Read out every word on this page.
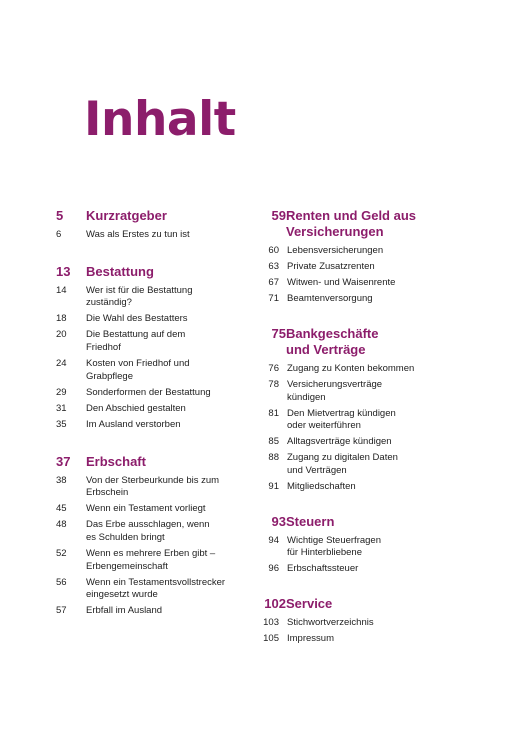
Inhalt
5	Kurzratgeber
6	Was als Erstes zu tun ist
13	Bestattung
14	Wer ist für die Bestattung
zuständig?
18	Die Wahl des Bestatters
20	Die Bestattung auf dem
Friedhof
24	Kosten von Friedhof und
Grabpflege
29	Sonderformen der Bestattung
31	Den Abschied gestalten
35	Im Ausland verstorben
37	Erbschaft
38	Von der Sterbeurkunde bis zum
Erbschein
45	Wenn ein Testament vorliegt
48	Das Erbe ausschlagen, wenn
es Schulden bringt
52	Wenn es mehrere Erben gibt –
Erbengemeinschaft
56	Wenn ein Testamentsvollstrecker
eingesetzt wurde
57	Erbfall im Ausland
59 Renten und Geld aus
Versicherungen
60 Lebensversicherungen
63 Private Zusatzrenten
67 Witwen- und Waisenrente
71 Beamtenversorgung
75 Bankgeschäfte
und Verträge
76 Zugang zu Konten bekommen
78 Versicherungsverträge
kündigen
81 Den Mietvertrag kündigen
oder weiterführen
85 Alltagsverträge kündigen
88 Zugang zu digitalen Daten
und Verträgen
91 Mitgliedschaften
93 Steuern
94 Wichtige Steuerfragen
für Hinterbliebene
96 Erbschaftssteuer
102 Service
103 Stichwortverzeichnis
105 Impressum
